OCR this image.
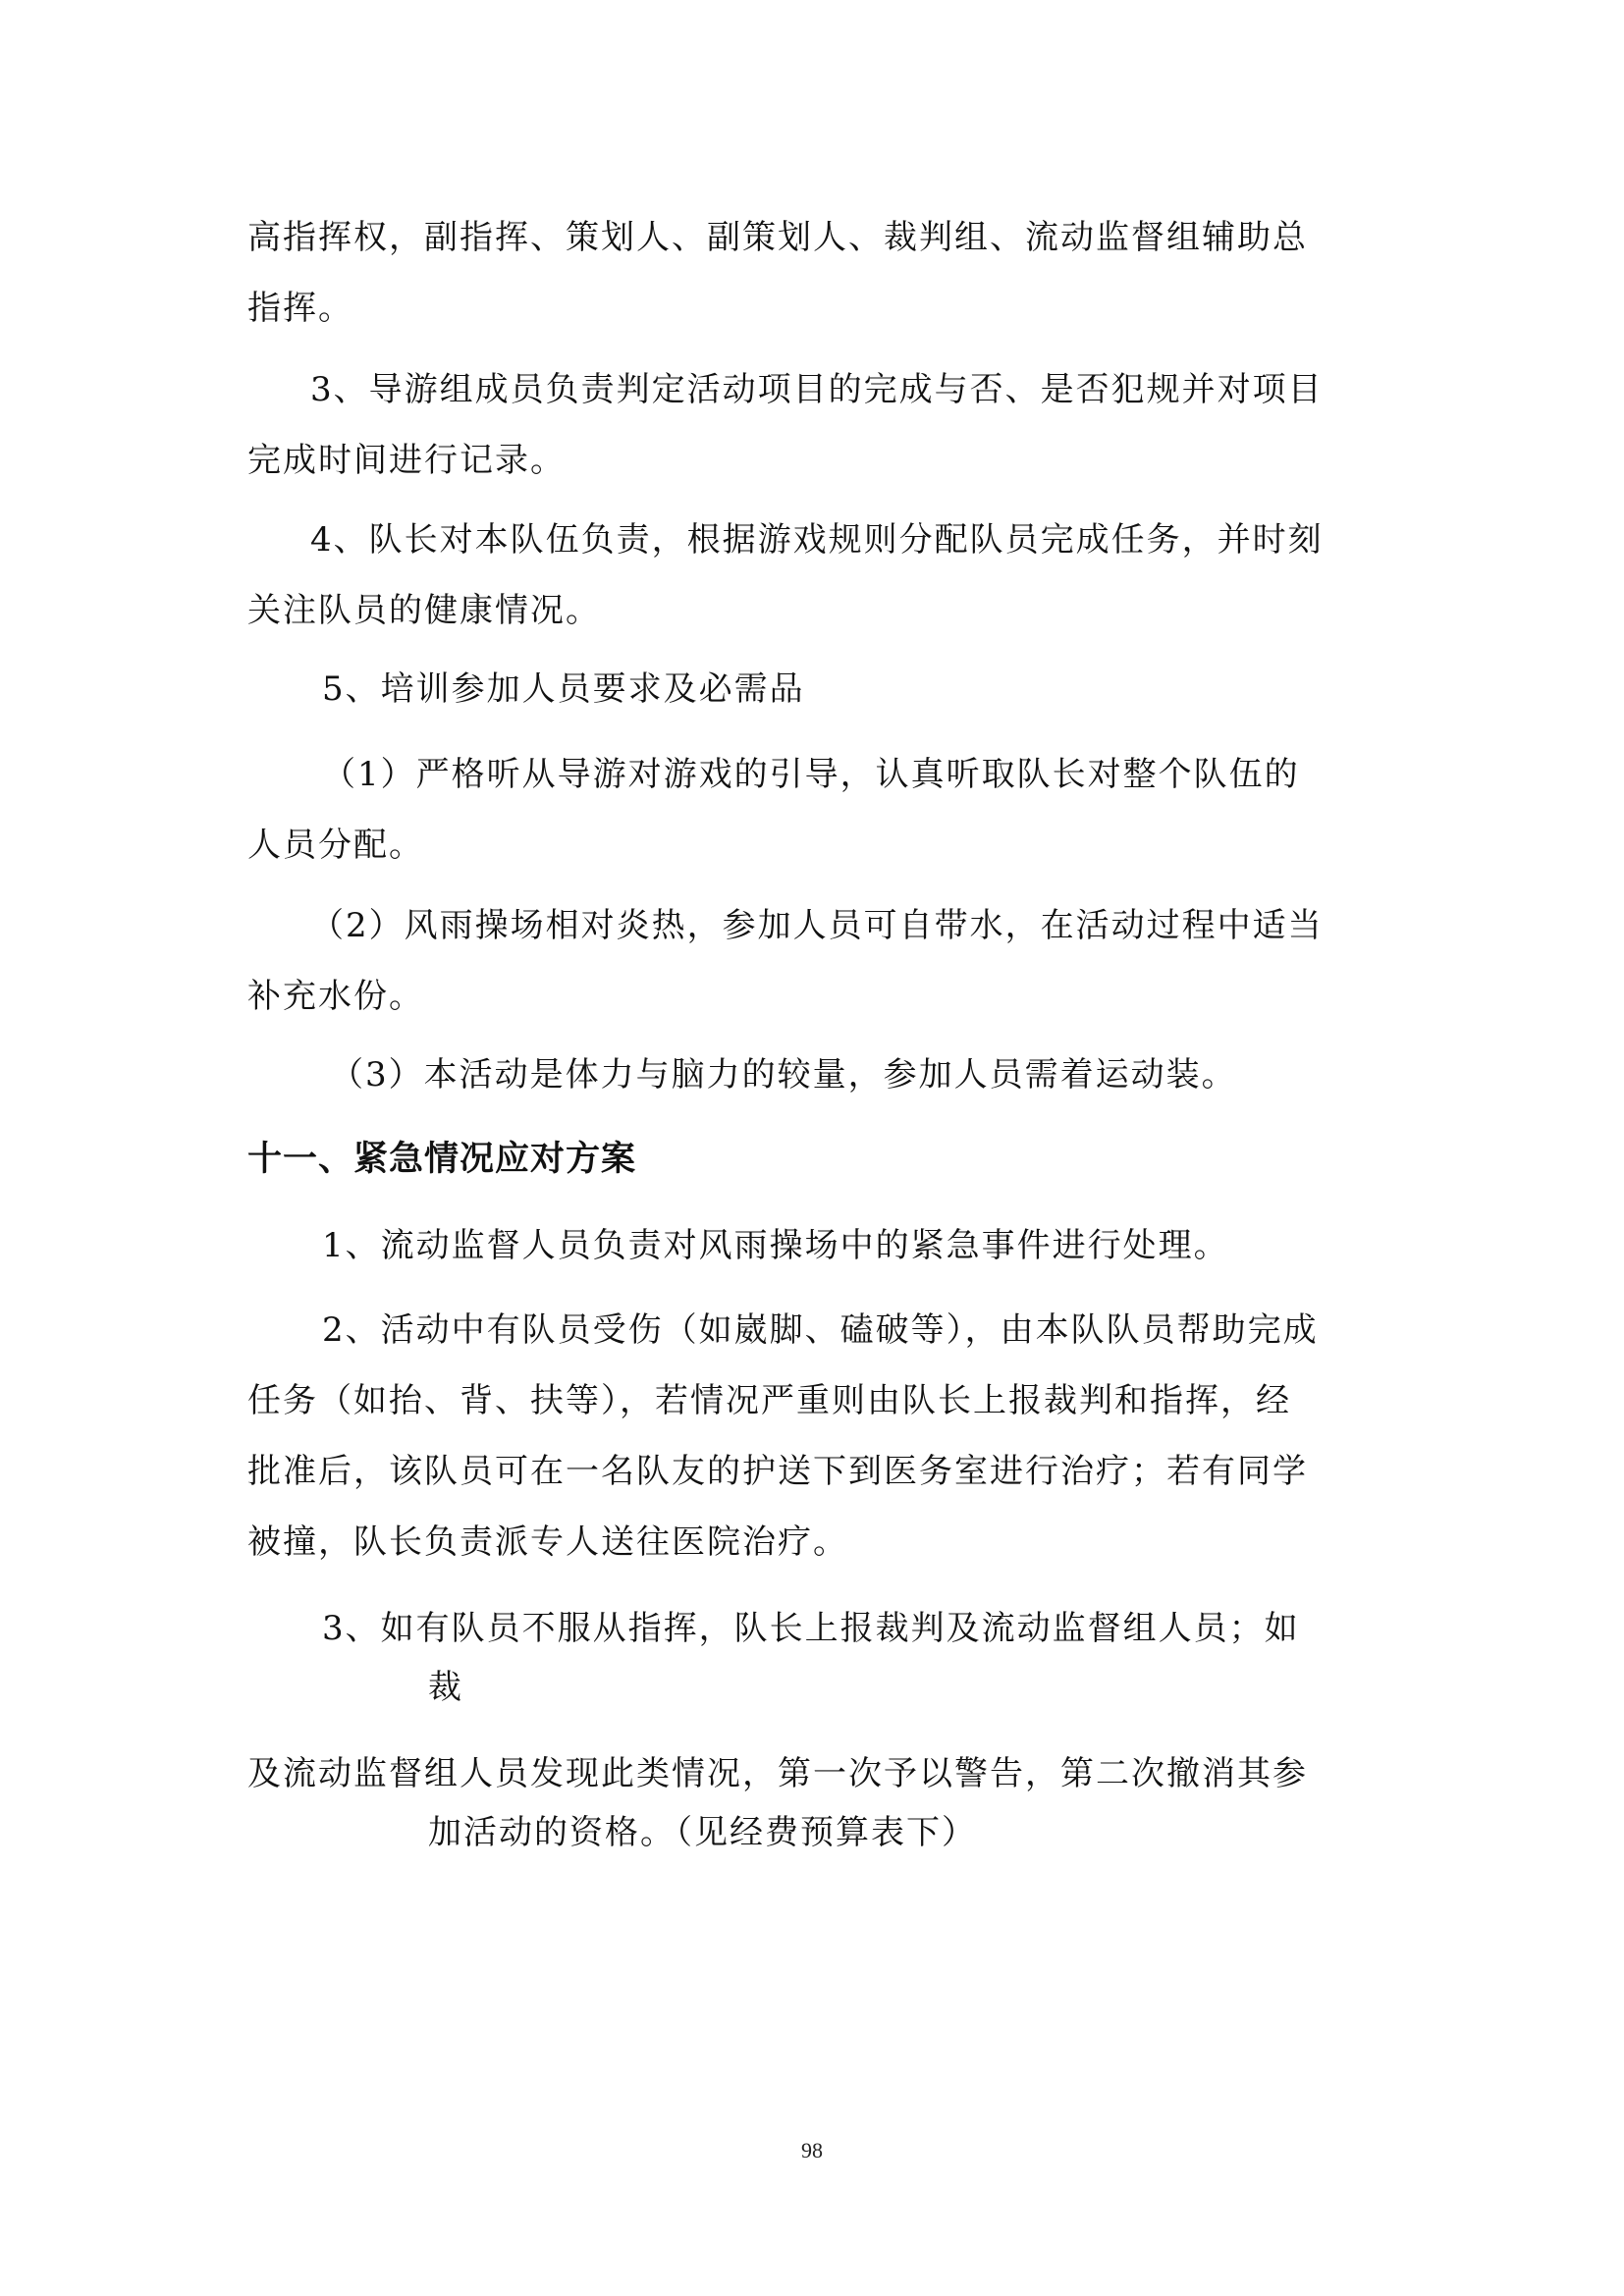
高指挥权，副指挥、策划人、副策划人、裁判组、流动监督组辅助总
指挥。
3、导游组成员负责判定活动项目的完成与否、是否犯规并对项目
完成时间进行记录。
4、队长对本队伍负责，根据游戏规则分配队员完成任务，并时刻
关注队员的健康情况。
5、培训参加人员要求及必需品
（1）严格听从导游对游戏的引导，认真听取队长对整个队伍的
人员分配。
（2）风雨操场相对炎热，参加人员可自带水，在活动过程中适当
补充水份。
（3）本活动是体力与脑力的较量，参加人员需着运动装。
十一、紧急情况应对方案
1、流动监督人员负责对风雨操场中的紧急事件进行处理。
2、活动中有队员受伤（如崴脚、磕破等），由本队队员帮助完成
任务（如抬、背、扶等），若情况严重则由队长上报裁判和指挥，经
批准后，该队员可在一名队友的护送下到医务室进行治疗；若有同学
被撞，队长负责派专人送往医院治疗。
3、如有队员不服从指挥，队长上报裁判及流动监督组人员；如
裁
及流动监督组人员发现此类情况，第一次予以警告，第二次撤消其参
加活动的资格。（见经费预算表下）
98
